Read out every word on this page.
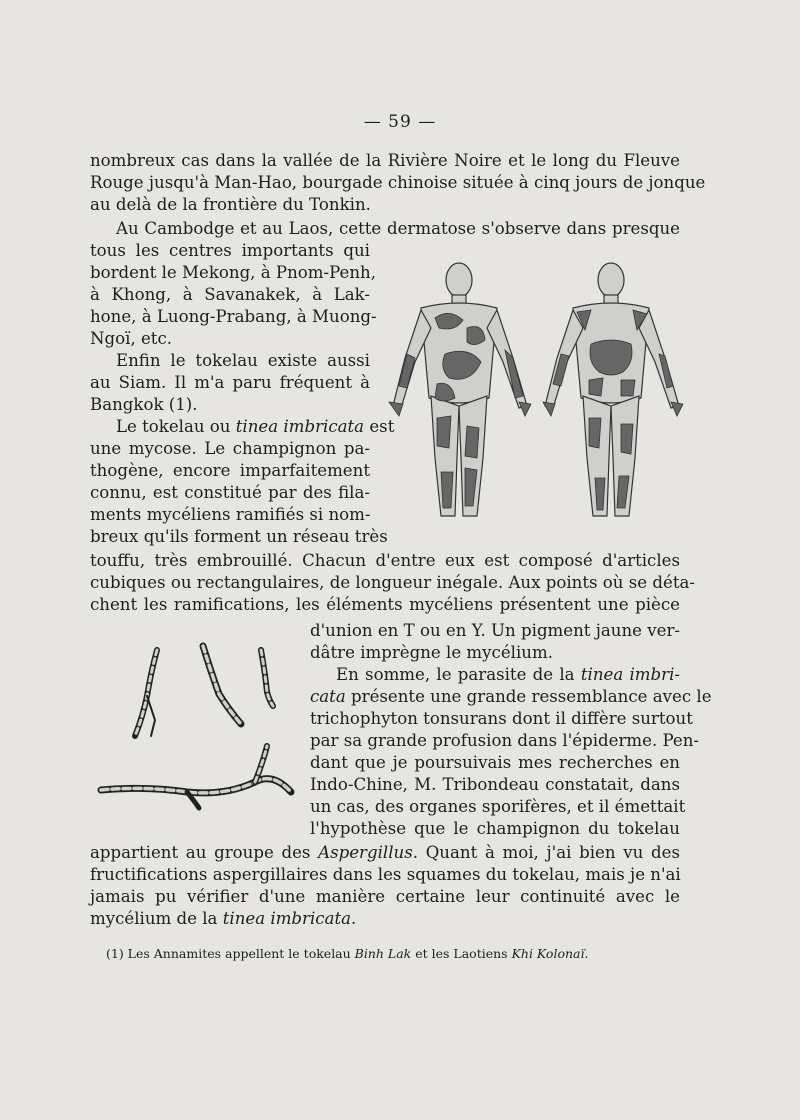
— 59 —
nombreux cas dans la vallée de la Rivière Noire et le long du Fleuve
Rouge jusqu'à Man-Hao, bourgade chinoise située à cinq jours de jonque
au delà de la frontière du Tonkin.
Au Cambodge et au Laos, cette dermatose s'observe dans presque
tous les centres importants qui
bordent le Mekong, à Pnom-Penh,
à Khong, à Savanakek, à Lak-
hone, à Luong-Prabang, à Muong-
Ngoï, etc.
Enfin le tokelau existe aussi
au Siam. Il m'a paru fréquent à
Bangkok (1).
Le tokelau ou tinea imbricata est
une mycose. Le champignon pa-
thogène, encore imparfaitement
connu, est constitué par des fila-
ments mycéliens ramifiés si nom-
breux qu'ils forment un réseau très
touffu, très embrouillé. Chacun d'entre eux est composé d'articles
cubiques ou rectangulaires, de longueur inégale. Aux points où se déta-
chent les ramifications, les éléments mycéliens présentent une pièce
d'union en T ou en Y. Un pigment jaune ver-
dâtre imprègne le mycélium.
En somme, le parasite de la tinea imbri-
cata présente une grande ressemblance avec le
trichophyton tonsurans dont il diffère surtout
par sa grande profusion dans l'épiderme. Pen-
dant que je poursuivais mes recherches en
Indo-Chine, M. Tribondeau constatait, dans
un cas, des organes sporifères, et il émettait
l'hypothèse que le champignon du tokelau
appartient au groupe des Aspergillus. Quant à moi, j'ai bien vu des
fructifications aspergillaires dans les squames du tokelau, mais je n'ai
jamais pu vérifier d'une manière certaine leur continuité avec le
mycélium de la tinea imbricata.
(1) Les Annamites appellent le tokelau Binh Lak et les Laotiens Khi Kolonaï.
